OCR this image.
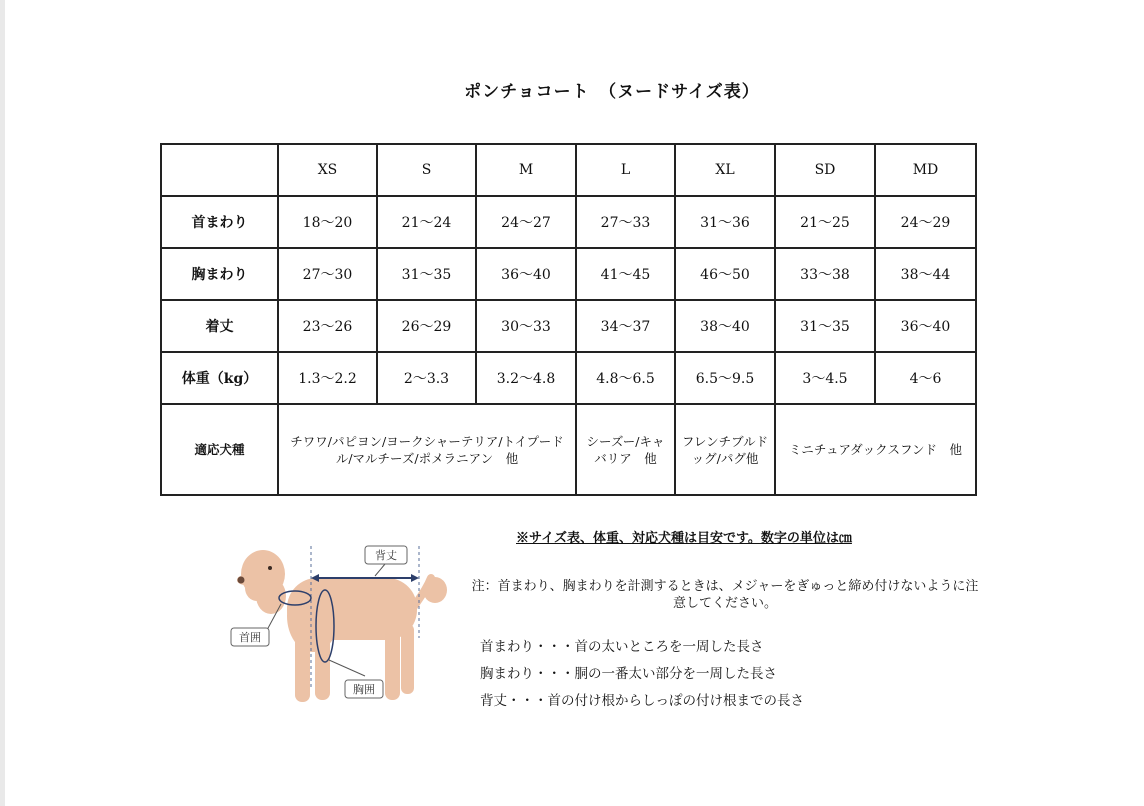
ポンチョコート　（ヌードサイズ表）
	XS	S	M	L	XL	SD	MD
首まわり	18〜20	21〜24	24〜27	27〜33	31〜36	21〜25	24〜29
胸まわり	27〜30	31〜35	36〜40	41〜45	46〜50	33〜38	38〜44
着丈	23〜26	26〜29	30〜33	34〜37	38〜40	31〜35	36〜40
体重（kg）	1.3〜2.2	2〜3.3	3.2〜4.8	4.8〜6.5	6.5〜9.5	3〜4.5	4〜6
適応犬種	チワワ/パピヨン/ヨークシャーテリア/トイプードル/マルチーズ/ポメラニアン　他			シーズー/キャバリア　他	フレンチブルドッグ/パグ他	ミニチュアダックスフンド　他	
※サイズ表、体重、対応犬種は目安です。数字の単位は㎝
背丈
首囲
胸囲
注：首まわり、胸まわりを計測するときは、メジャーをぎゅっと締め付けないように注意してください。
首まわり・・・首の太いところを一周した長さ
胸まわり・・・胴の一番太い部分を一周した長さ
背丈・・・首の付け根からしっぽの付け根までの長さ
